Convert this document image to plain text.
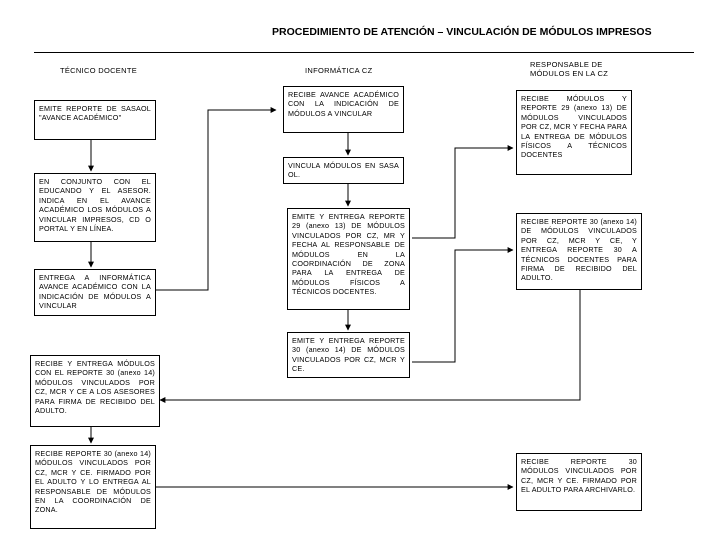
PROCEDIMIENTO DE ATENCIÓN – VINCULACIÓN DE MÓDULOS IMPRESOS
TÉCNICO DOCENTE	INFORMÁTICA CZ
RESPONSABLE DE MÓDULOS EN LA CZ
EMITE REPORTE DE SASAOL "AVANCE ACADÉMICO"
EN CONJUNTO CON EL EDUCANDO Y EL ASESOR. INDICA EN EL AVANCE ACADÉMICO LOS MÓDULOS A VINCULAR IMPRESOS, CD O PORTAL Y EN LÍNEA.
ENTREGA A INFORMÁTICA AVANCE ACADÉMICO CON LA INDICACIÓN DE MÓDULOS A VINCULAR
RECIBE Y ENTREGA MÓDULOS CON EL REPORTE 30 (anexo 14) MÓDULOS VINCULADOS POR CZ, MCR Y CE A LOS ASESORES PARA FIRMA DE RECIBIDO DEL ADULTO.
RECIBE REPORTE 30 (anexo 14) MÓDULOS VINCULADOS POR CZ, MCR Y CE. FIRMADO POR EL ADULTO Y LO ENTREGA AL RESPONSABLE DE MÓDULOS EN LA COORDINACIÓN DE ZONA.
RECIBE AVANCE ACADÉMICO CON LA INDICACIÓN DE MÓDULOS A VINCULAR
VINCULA MÓDULOS EN SASA OL.
EMITE Y ENTREGA REPORTE 29 (anexo 13) DE MÓDULOS VINCULADOS POR CZ, MR Y FECHA AL RESPONSABLE DE MÓDULOS EN LA COORDINACIÓN DE ZONA PARA LA ENTREGA DE MÓDULOS FÍSICOS A TÉCNICOS DOCENTES.
EMITE Y ENTREGA REPORTE 30 (anexo 14) DE MÓDULOS VINCULADOS POR CZ, MCR Y CE.
RECIBE MÓDULOS Y REPORTE 29 (anexo 13) DE MÓDULOS VINCULADOS POR CZ, MCR Y FECHA PARA LA ENTREGA DE MÓDULOS FÍSICOS A TÉCNICOS DOCENTES
RECIBE REPORTE 30 (anexo 14) DE MÓDULOS VINCULADOS POR CZ, MCR Y CE, Y ENTREGA REPORTE 30 A TÉCNICOS DOCENTES PARA FIRMA DE RECIBIDO DEL ADULTO.
RECIBE REPORTE 30 MÓDULOS VINCULADOS POR CZ, MCR Y CE. FIRMADO POR EL ADULTO PARA ARCHIVARLO.
